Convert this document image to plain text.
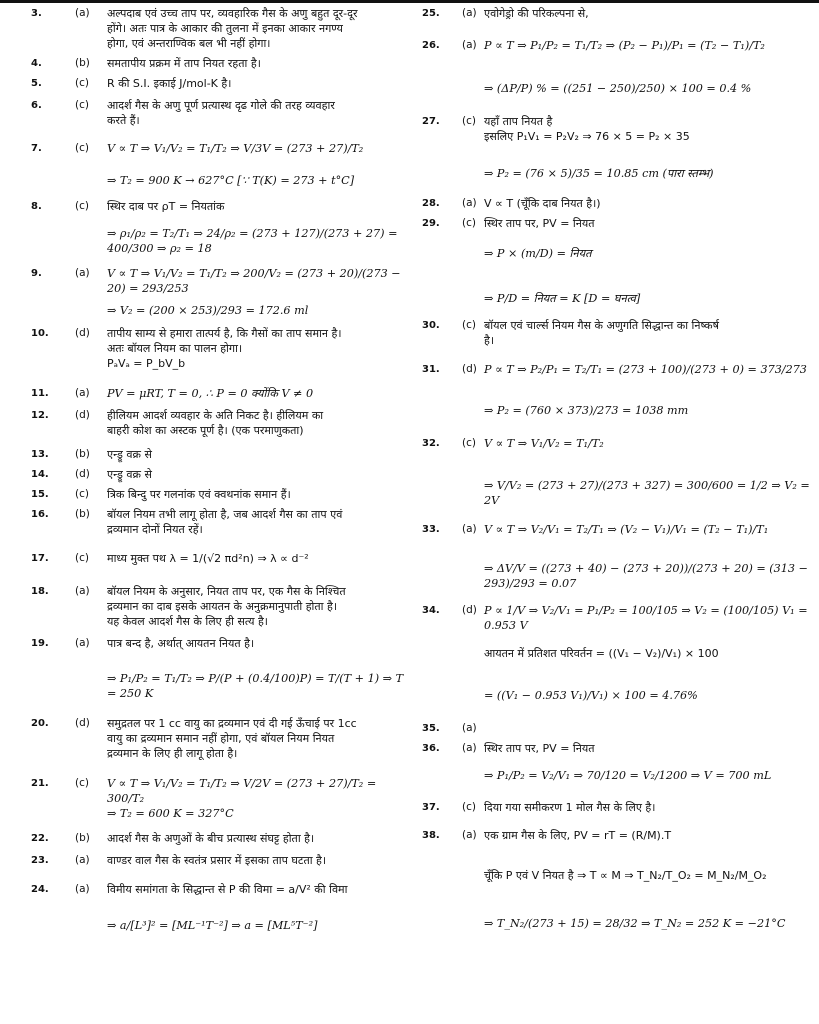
3.	(a) अल्पदाब एवं उच्च ताप पर, व्यवहारिक गैस के अणु बहुत दूर-दूर
होंगे। अतः पात्र के आकार की तुलना में इनका आकार नगण्य
होगा, एवं अन्तराण्विक बल भी नहीं होगा।
4.	(b) समतापीय प्रक्रम में ताप नियत रहता है।
5.	(c) R की S.I. इकाई J/mol-K है।
6.	(c) आदर्श गैस के अणु पूर्ण प्रत्यास्थ दृढ गोले की तरह व्यवहार
करते हैं।
7.	(c) V ∝ T ⇒ V₁/V₂ = T₁/T₂ ⇒ V/3V = (273 + 27)/T₂
⇒ T₂ = 900 K → 627°C [∵ T(K) = 273 + t°C]
8.	(c) स्थिर दाब पर ρT = नियतांक
⇒ ρ₁/ρ₂ = T₂/T₁ ⇒ 24/ρ₂ = (273 + 127)/(273 + 27) = 400/300 ⇒ ρ₂ = 18
9.	(a) V ∝ T ⇒ V₁/V₂ = T₁/T₂ ⇒ 200/V₂ = (273 + 20)/(273 − 20) = 293/253
⇒ V₂ = (200 × 253)/293 = 172.6 ml
10.	(d) तापीय साम्य से हमारा तात्पर्य है, कि गैसों का ताप समान है।
अतः बॉयल नियम का पालन होगा।
PₐVₐ = P_bV_b
11.	(a) PV = μRT, T = 0, ∴ P = 0 क्योंकि V ≠ 0
12.	(d) हीलियम आदर्श व्यवहार के अति निकट है। हीलियम का
बाहरी कोश का अस्टक पूर्ण है। (एक परमाणुकता)
13.	(b) एन्ड्रू वक्र से
14.	(d) एन्ड्रू वक्र से
15.	(c) त्रिक बिन्दु पर गलनांक एवं क्वथनांक समान हैं।
16.	(b) बॉयल नियम तभी लागू होता है, जब आदर्श गैस का ताप एवं
द्रव्यमान दोनों नियत रहें।
17.	(c) माध्य मुक्त पथ λ = 1/(√2 πd²n) ⇒ λ ∝ d⁻²
18.	(a) बॉयल नियम के अनुसार, नियत ताप पर, एक गैस के निश्चित
द्रव्यमान का दाब इसके आयतन के अनुक्रमानुपाती होता है।
यह केवल आदर्श गैस के लिए ही सत्य है।
19.	(a) पात्र बन्द है, अर्थात् आयतन नियत है।
⇒ P₁/P₂ = T₁/T₂ ⇒ P/(P + (0.4/100)P) = T/(T + 1) ⇒ T = 250 K
20.	(d) समुद्रतल पर 1 cc वायु का द्रव्यमान एवं दी गई ऊँचाई पर 1cc
वायु का द्रव्यमान समान नहीं होगा, एवं बॉयल नियम नियत
द्रव्यमान के लिए ही लागू होता है।
21.	(c) V ∝ T ⇒ V₁/V₂ = T₁/T₂ ⇒ V/2V = (273 + 27)/T₂ = 300/T₂
⇒ T₂ = 600 K = 327°C
22.	(b) आदर्श गैस के अणुओं के बीच प्रत्यास्थ संघट्ट होता है।
23.	(a) वाण्डर वाल गैस के स्वतंत्र प्रसार में इसका ताप घटता है।
24.	(a) विमीय समांगता के सिद्धान्त से P की विमा = a/V² की विमा
⇒ a/[L³]² = [ML⁻¹T⁻²] ⇒ a = [ML⁵T⁻²]
25. (a) एवोगेड्रो की परिकल्पना से,
26. (a) P ∝ T ⇒ P₁/P₂ = T₁/T₂ ⇒ (P₂ − P₁)/P₁ = (T₂ − T₁)/T₂
⇒ (ΔP/P) % = ((251 − 250)/250) × 100 = 0.4 %
27. (c) यहाँ ताप नियत है
इसलिए P₁V₁ = P₂V₂ ⇒ 76 × 5 = P₂ × 35
⇒ P₂ = (76 × 5)/35 = 10.85 cm (पारा स्तम्भ)
28. (a) V ∝ T (चूँकि दाब नियत है।)
29. (c) स्थिर ताप पर, PV = नियत
⇒ P × (m/D) = नियत
⇒ P/D = नियत = K [D = घनत्व]
30. (c) बॉयल एवं चार्ल्स नियम गैस के अणुगति सिद्धान्त का निष्कर्ष
है।
31. (d) P ∝ T ⇒ P₂/P₁ = T₂/T₁ = (273 + 100)/(273 + 0) = 373/273
⇒ P₂ = (760 × 373)/273 = 1038 mm
32. (c) V ∝ T ⇒ V₁/V₂ = T₁/T₂
⇒ V/V₂ = (273 + 27)/(273 + 327) = 300/600 = 1/2 ⇒ V₂ = 2V
33. (a) V ∝ T ⇒ V₂/V₁ = T₂/T₁ ⇒ (V₂ − V₁)/V₁ = (T₂ − T₁)/T₁
⇒ ΔV/V = ((273 + 40) − (273 + 20))/(273 + 20) = (313 − 293)/293 = 0.07
34. (d) P ∝ 1/V ⇒ V₂/V₁ = P₁/P₂ = 100/105 ⇒ V₂ = (100/105) V₁ = 0.953 V
आयतन में प्रतिशत परिवर्तन = ((V₁ − V₂)/V₁) × 100
= ((V₁ − 0.953 V₁)/V₁) × 100 = 4.76%
35. (a)
36. (a) स्थिर ताप पर, PV = नियत
⇒ P₁/P₂ = V₂/V₁ ⇒ 70/120 = V₂/1200 ⇒ V = 700 mL
37. (c) दिया गया समीकरण 1 मोल गैस के लिए है।
38. (a) एक ग्राम गैस के लिए, PV = rT = (R/M).T
चूँकि P एवं V नियत है ⇒ T ∝ M ⇒ T_N₂/T_O₂ = M_N₂/M_O₂
⇒ T_N₂/(273 + 15) = 28/32 ⇒ T_N₂ = 252 K = −21°C
